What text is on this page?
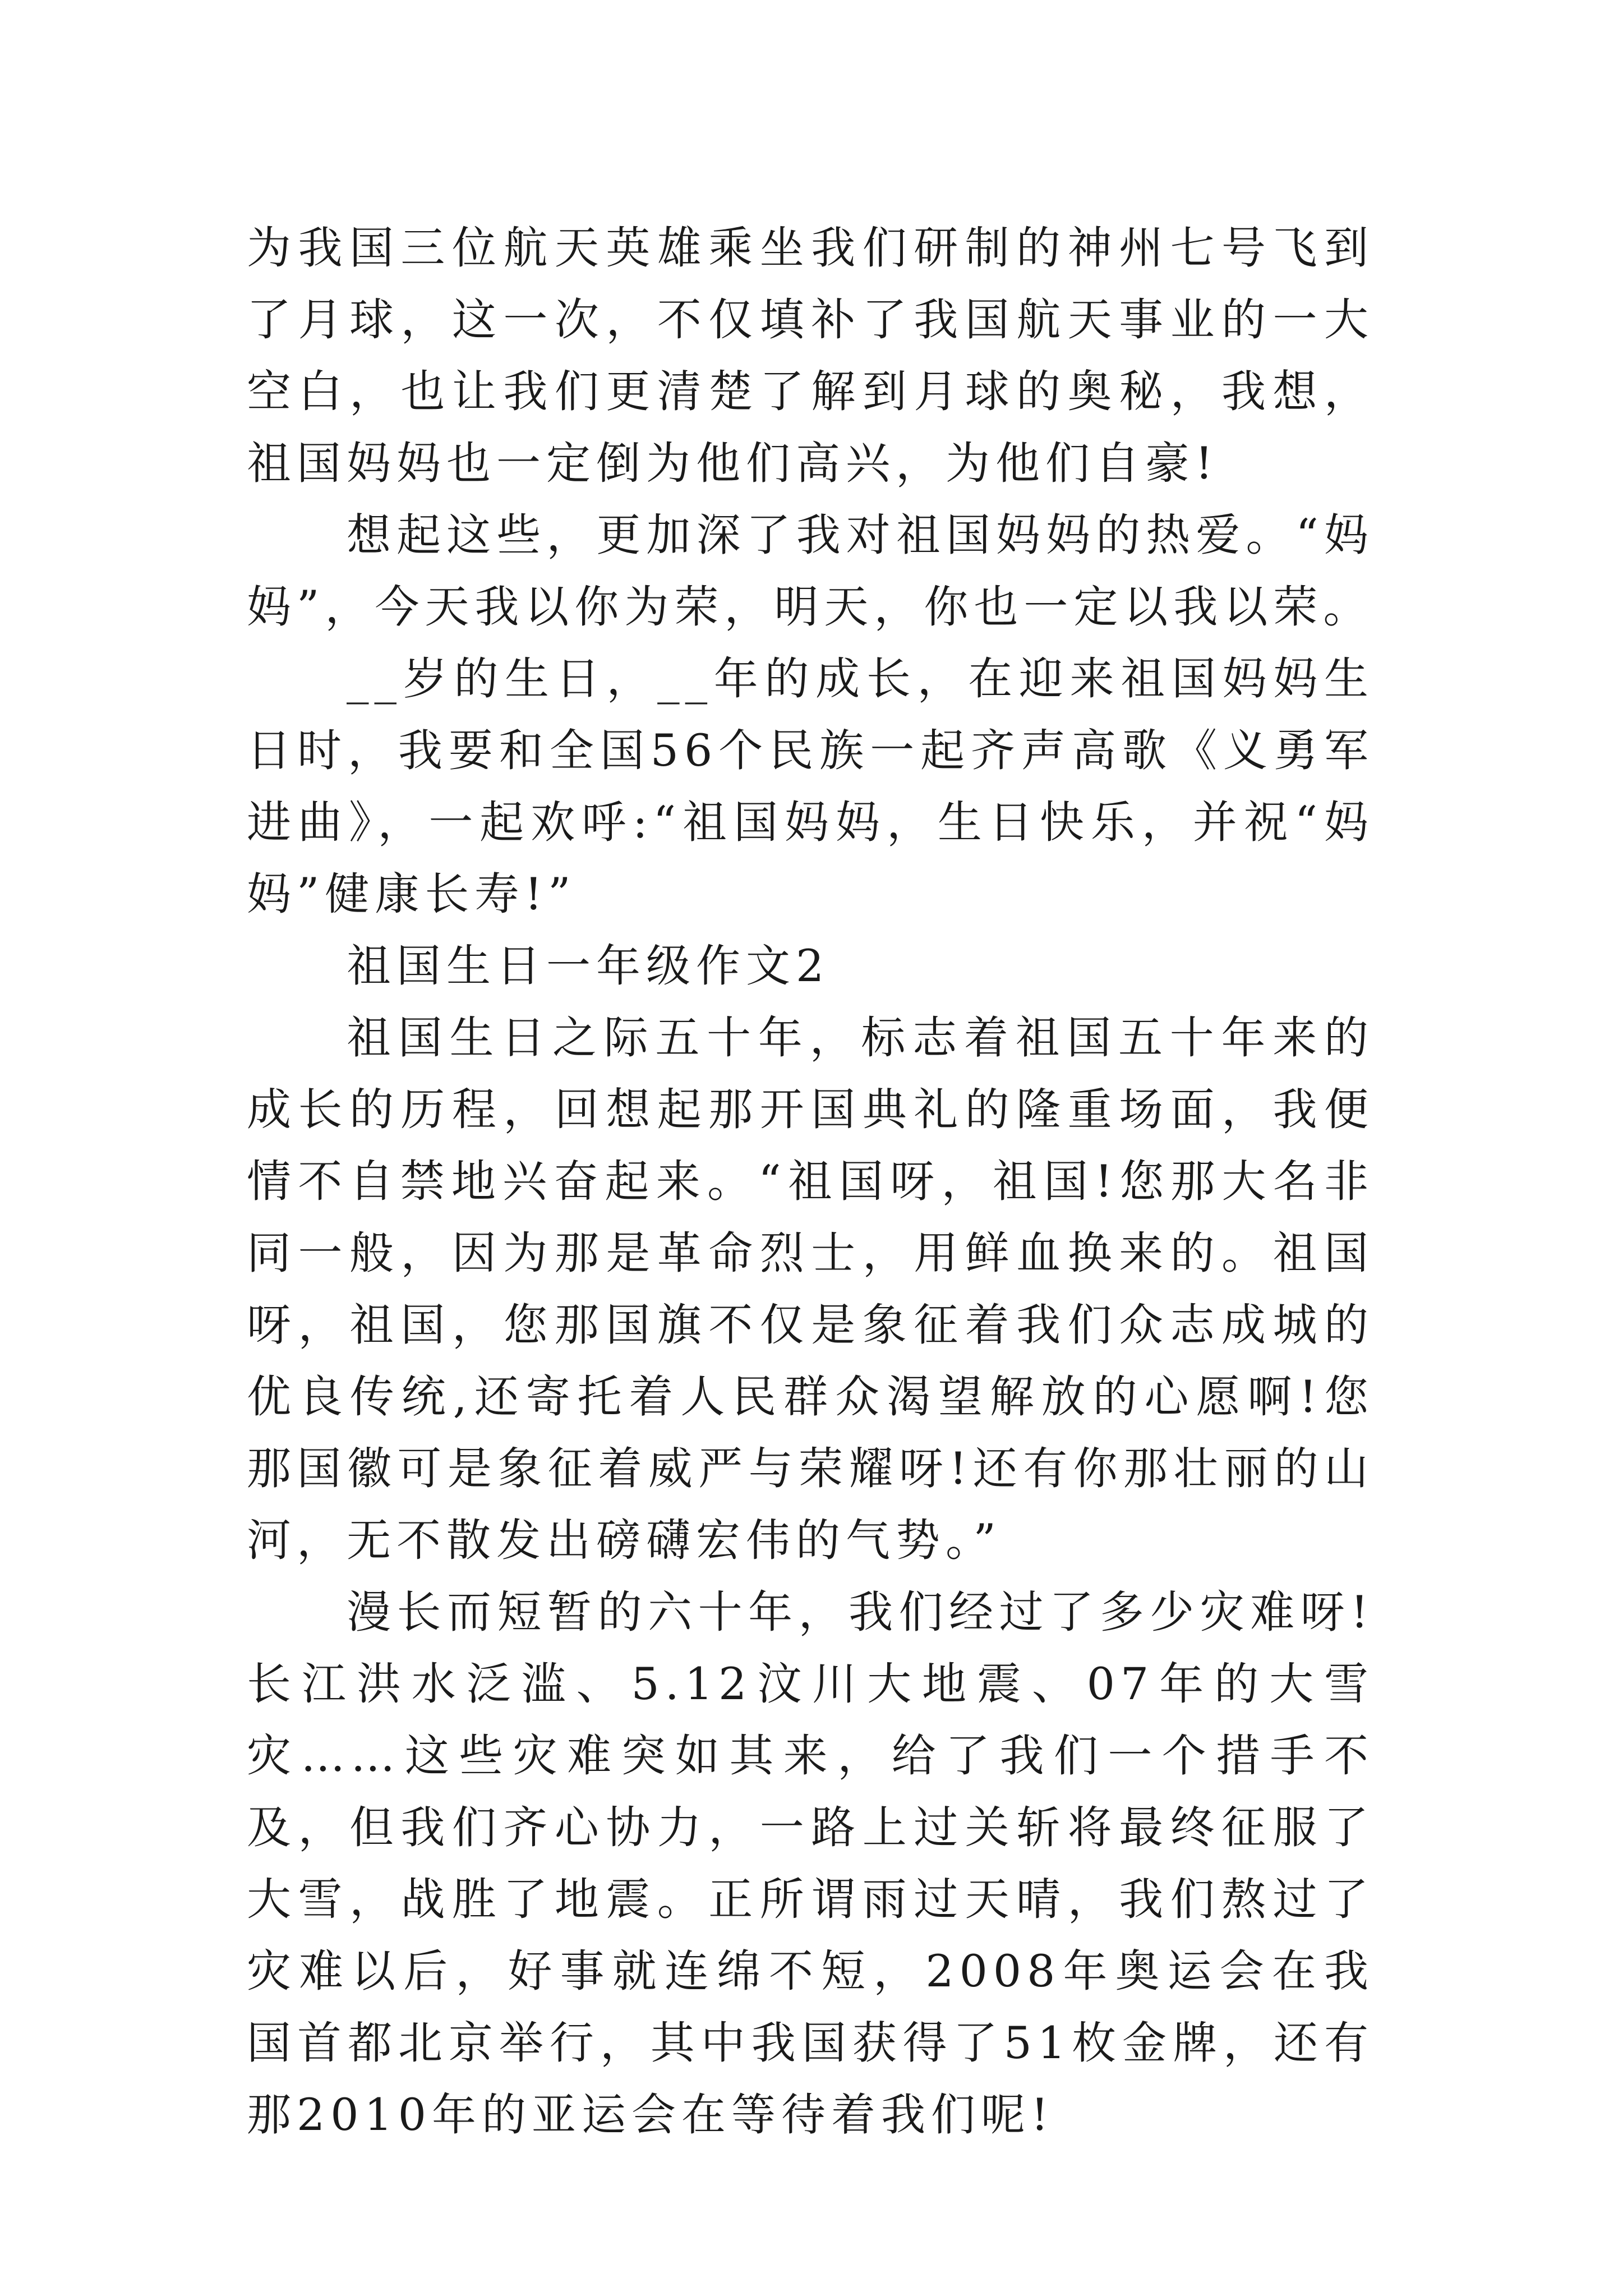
为我国三位航天英雄乘坐我们研制的神州七号飞到了月球，这一次，不仅填补了我国航天事业的一大空白，也让我们更清楚了解到月球的奥秘，我想，祖国妈妈也一定倒为他们高兴，为他们自豪!

想起这些，更加深了我对祖国妈妈的热爱。“妈妈”，今天我以你为荣，明天，你也一定以我以荣。

__岁的生日，__年的成长，在迎来祖国妈妈生日时，我要和全国56个民族一起齐声高歌《义勇军进曲》，一起欢呼:“祖国妈妈，生日快乐，并祝“妈妈”健康长寿!”

祖国生日一年级作文2

祖国生日之际五十年，标志着祖国五十年来的成长的历程，回想起那开国典礼的隆重场面，我便情不自禁地兴奋起来。“祖国呀，祖国!您那大名非同一般，因为那是革命烈士，用鲜血换来的。祖国呀，祖国，您那国旗不仅是象征着我们众志成城的优良传统,还寄托着人民群众渴望解放的心愿啊!您那国徽可是象征着威严与荣耀呀!还有你那壮丽的山河，无不散发出磅礴宏伟的气势。”

漫长而短暂的六十年，我们经过了多少灾难呀!长江洪水泛滥、5.12汶川大地震、07年的大雪灾……这些灾难突如其来，给了我们一个措手不及，但我们齐心协力，一路上过关斩将最终征服了大雪，战胜了地震。正所谓雨过天晴，我们熬过了灾难以后，好事就连绵不短，2008年奥运会在我国首都北京举行，其中我国获得了51枚金牌，还有那2010年的亚运会在等待着我们呢!
